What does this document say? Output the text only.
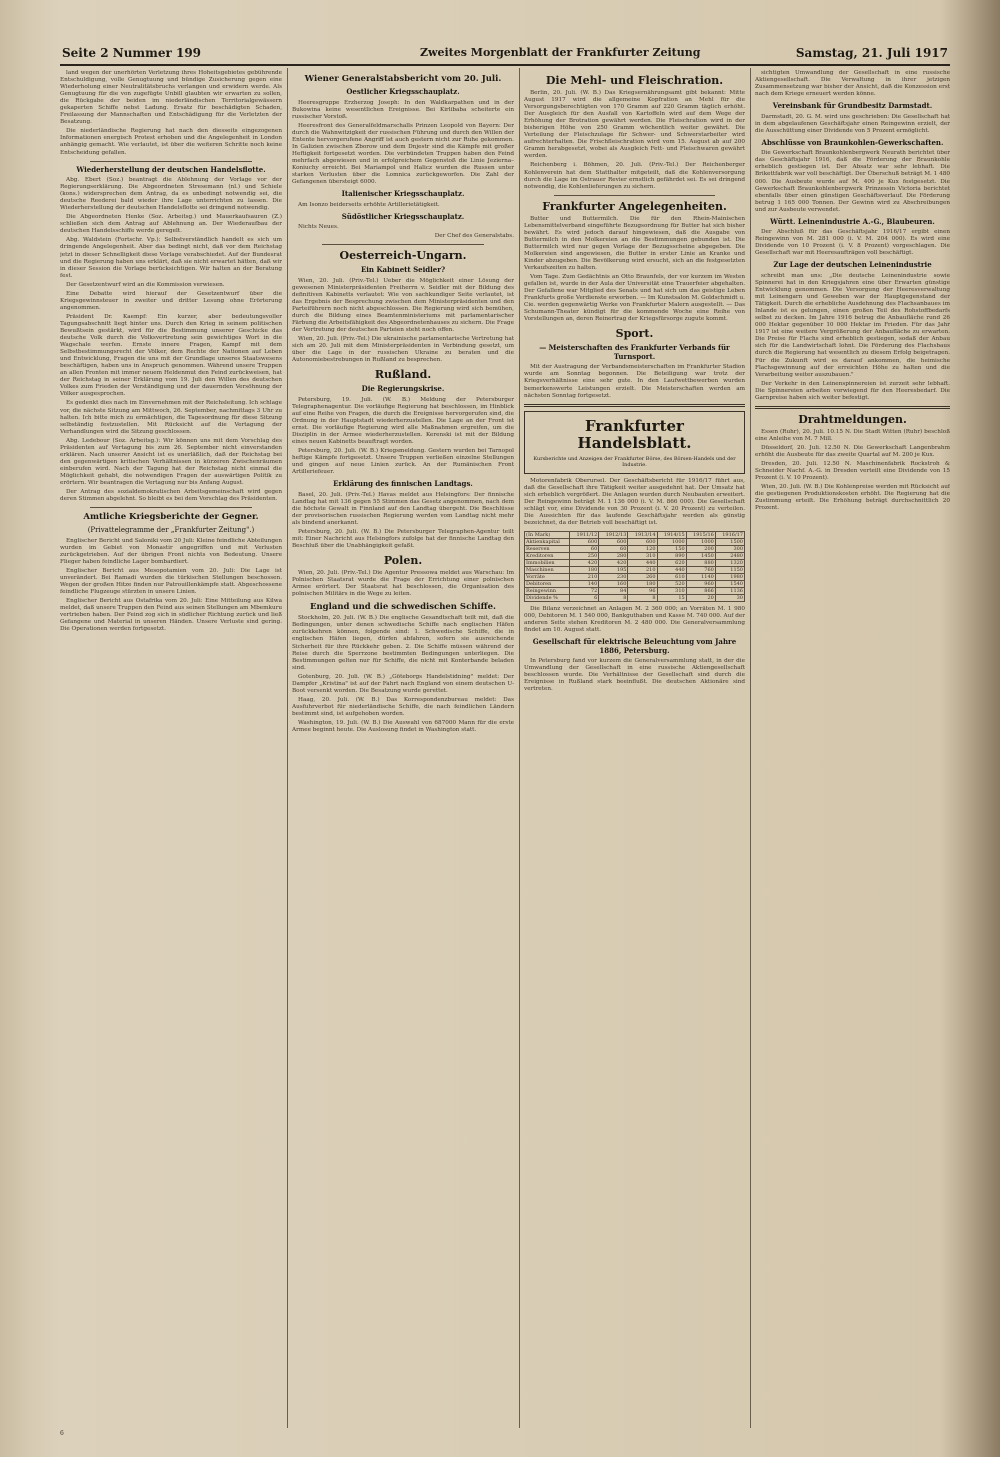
Seite 2 Nummer 199	Zweites Morgenblatt der Frankfurter Zeitung	Samstag, 21. Juli 1917

land wegen der unerhörten Verletzung ihres Hoheitsgebietes gebührende Entschuldigung, volle Genugtuung und bündige Zusicherung gegen eine Wiederholung einer Neutralitätsbruchs verlangen und erwidern werde. Als Genugtuung für die von zugefügte Unbill glaubten wir erwarten zu sollen, die Rückgabe der beiden im niederländischen Territorialgewässern gekaperten Schiffe nebst Ladung. Ersatz für beschädigten Schaden, Freilassung der Mannschaften und Entschädigung für die Verletzten der Besatzung.

Die niederländische Regierung hat nach den diesseits eingezogenen Informationen energisch Protest erhoben und die Angelegenheit in London anhängig gemacht. Wie verlautet, ist über die weiteren Schritte noch keine Entscheidung gefallen.

Wiederherstellung der deutschen Handelsflotte.

Abg. Ebert (Soz.) beantragt die Ablehnung der Vorlage vor der Regierungserklärung. Die Abgeordneten Stresemann (nl.) und Schiele (kons.) widersprechen dem Antrag, da es unbedingt notwendig sei, die deutsche Reederei bald wieder ihre Lage unterrichten zu lassen. Die Wiederherstellung der deutschen Handelsflotte sei dringend notwendig.

Die Abgeordneten Henke (Soz. Arbeitsg.) und Mauerkaufsauren (Z.) schließen sich dem Antrag auf Ablehnung an. Der Wiederaufbau der deutschen Handelsschiffe werde geregelt.

Abg. Waldstein (Fortschr. Vp.): Selbstverständlich handelt es sich um dringende Angelegenheit. Aber das bedingt nicht, daß vor dem Reichstag jetzt in dieser Schnelligkeit diese Vorlage verabschiedet. Auf der Bundesrat und die Regierung haben uns erklärt, daß sie nicht erwartet hätten, daß wir in dieser Session die Vorlage berücksichtigen. Wir halten an der Beratung fest.

Der Gesetzentwurf wird an die Kommission verwiesen.

Eine Debatte wird hierauf der Gesetzentwurf über die Kriegsgewinnsteuer in zweiter und dritter Lesung ohne Erörterung angenommen.

Präsident Dr. Kaempf: Ein kurzer, aber bedeutungsvoller Tagungsabschnitt liegt hinter uns. Durch den Krieg in seinem politischen Bewußtsein gestärkt, wird für die Bestimmung unserer Geschicke das deutsche Volk durch die Volksvertretung sein gewichtiges Wort in die Wagschale werfen. Ernste innere Fragen, Kampf mit dem Selbstbestimmungsrecht der Völker, dem Rechte der Nationen auf Leben und Entwicklung, Fragen die uns mit der Grundlage unseres Staatswesens beschäftigen, haben uns in Anspruch genommen. Während unsere Truppen an allen Fronten mit immer neuem Heldenmut den Feind zurückweisen, hat der Reichstag in seiner Erklärung vom 19. Juli den Willen des deutschen Volkes zum Frieden der Verständigung und der dauernden Versöhnung der Völker ausgesprochen.

Es gedenkt dies nach im Einvernehmen mit der Reichsleitung. Ich schlage vor, die nächste Sitzung am Mittwoch, 26. September, nachmittags 3 Uhr zu halten. Ich bitte mich zu ermächtigen, die Tagesordnung für diese Sitzung selbständig festzustellen. Mit Rücksicht auf die Vertagung der Verhandlungen wird die Sitzung geschlossen.

Abg. Ledebour (Soz. Arbeitsg.): Wir können uns mit dem Vorschlag des Präsidenten auf Vertagung bis zum 26. September nicht einverstanden erklären. Nach unserer Ansicht ist es unerläßlich, daß der Reichstag bei den gegenwärtigen kritischen Verhältnissen in kürzeren Zwischenräumen einberufen wird. Nach der Tagung hat der Reichstag nicht einmal die Möglichkeit gehabt, die notwendigen Fragen der auswärtigen Politik zu erörtern. Wir beantragen die Vertagung nur bis Anfang August.

Der Antrag des sozialdemokratischen Arbeitsgemeinschaft wird gegen deren Stimmen abgelehnt. So bleibt es bei dem Vorschlag des Präsidenten.

Amtliche Kriegsberichte der Gegner.
(Privattelegramme der „Frankfurter Zeitung".)

Englischer Bericht und Saloniki vom 20 Juli: Kleine feindliche Abteilungen wurden im Gebiet von Monastir angegriffen und mit Verlusten zurückgetrieben. Auf der übrigen Front nichts von Bedeutung. Unsere Flieger haben feindliche Lager bombardiert.

Englischer Bericht aus Mesopotamien vom 20. Juli: Die Lage ist unverändert. Bei Ramadi wurden die türkischen Stellungen beschossen. Wegen der großen Hitze finden nur Patrouillenkämpfe statt. Abgeschossene feindliche Flugzeuge stürzten in unsere Linien.

Englischer Bericht aus Ostafrika vom 20. Juli: Eine Mitteilung aus Kilwa meldet, daß unsere Truppen den Feind aus seinen Stellungen am Mbemkuru vertrieben haben. Der Feind zog sich in südlicher Richtung zurück und ließ Gefangene und Material in unseren Händen. Unsere Verluste sind gering. Die Operationen werden fortgesetzt.

Wiener Generalstabsbericht vom 20. Juli.
Oestlicher Kriegsschauplatz.

Heeresgruppe Erzherzog Joseph: In den Waldkarpathen und in der Bukowina keine wesentlichen Ereignisse. Bei Kirlibaba scheiterte ein russischer Vorstoß.

Heeresfront des Generalfeldmarschalls Prinzen Leopold von Bayern: Der durch die Wahnwitzigkeit der russischen Führung und durch den Willen der Entente hervorgerufene Angriff ist auch gestern nicht zur Ruhe gekommen. In Galizien zwischen Zborow und dem Dnjestr sind die Kämpfe mit großer Heftigkeit fortgesetzt worden. Die verbündeten Truppen haben den Feind mehrfach abgewiesen und in erfolgreichem Gegenstoß die Linie Jezierna–Koniuchy erreicht. Bei Mariampol und Halicz wurden die Russen unter starken Verlusten über die Lomnica zurückgeworfen. Die Zahl der Gefangenen übersteigt 6000.

Italienischer Kriegsschauplatz.

Am Isonzo beiderseits erhöhte Artillerietätigkeit.

Südöstlicher Kriegsschauplatz.

Nichts Neues.

Der Chef des Generalstabs.

Oesterreich-Ungarn.
Ein Kabinett Seidler?

Wien, 20. Juli. (Priv.-Tel.) Ueber die Möglichkeit einer Lösung der gewesenen Ministerpräsidenten Freiherrn v. Seidler mit der Bildung des definitiven Kabinetts verlautet: Wie von sachkundiger Seite verlautet, ist das Ergebnis der Besprechung zwischen dem Ministerpräsidenten und den Parteiführern noch nicht abgeschlossen. Die Regierung wird sich bemühen, durch die Bildung eines Beamtenministeriums mit parlamentarischer Färbung die Arbeitsfähigkeit des Abgeordnetenhauses zu sichern. Die Frage der Vertretung der deutschen Parteien steht noch offen.

Wien, 20. Juli. (Priv.-Tel.) Die ukrainische parlamentarische Vertretung hat sich am 20. Juli mit dem Ministerpräsidenten in Verbindung gesetzt, um über die Lage in der russischen Ukraine zu beraten und die Autonomiebestrebungen in Rußland zu besprechen.

Rußland.
Die Regierungskrise.

Petersburg, 19. Juli. (W. B.) Meldung der Petersburger Telegraphenagentur. Die vorläufige Regierung hat beschlossen, im Hinblick auf eine Reihe von Fragen, die durch die Ereignisse hervorgerufen sind, die Ordnung in der Hauptstadt wiederherzustellen. Die Lage an der Front ist ernst. Die vorläufige Regierung wird alle Maßnahmen ergreifen, um die Disziplin in der Armee wiederherzustellen. Kerenski ist mit der Bildung eines neuen Kabinetts beauftragt worden.

Petersburg, 20. Juli. (W. B.) Kriegsmeldung. Gestern wurden bei Tarnopol heftige Kämpfe fortgesetzt. Unsere Truppen verließen einzelne Stellungen und gingen auf neue Linien zurück. An der Rumänischen Front Artilleriefeuer.

Erklärung des finnischen Landtags.

Basel, 20. Juli. (Priv.-Tel.) Havas meldet aus Helsingfors: Der finnische Landtag hat mit 136 gegen 55 Stimmen das Gesetz angenommen, nach dem die höchste Gewalt in Finnland auf den Landtag übergeht. Die Beschlüsse der provisorischen russischen Regierung werden vom Landtag nicht mehr als bindend anerkannt.

Petersburg, 20. Juli. (W. B.) Die Petersburger Telegraphen-Agentur teilt mit: Einer Nachricht aus Helsingfors zufolge hat der finnische Landtag den Beschluß über die Unabhängigkeit gefaßt.

Polen.

Wien, 20. Juli. (Priv.-Tel.) Die Agentur Pressowa meldet aus Warschau: Im Polnischen Staatsrat wurde die Frage der Errichtung einer polnischen Armee erörtert. Der Staatsrat hat beschlossen, die Organisation des polnischen Militärs in die Wege zu leiten.

England und die schwedischen Schiffe.

Stockholm, 20. Juli. (W. B.) Die englische Gesandtschaft teilt mit, daß die Bedingungen, unter denen schwedische Schiffe nach englischen Häfen zurückkehren können, folgende sind: 1. Schwedische Schiffe, die in englischen Häfen liegen, dürfen abfahren, sofern sie ausreichende Sicherheit für ihre Rückkehr geben. 2. Die Schiffe müssen während der Reise durch die Sperrzone bestimmten Bedingungen unterliegen. Die Bestimmungen gelten nur für Schiffe, die nicht mit Konterbande beladen sind.

Gotenburg, 20. Juli. (W. B.) „Göteborgs Handelstidning" meldet: Der Dampfer „Kristina" ist auf der Fahrt nach England von einem deutschen U-Boot versenkt worden. Die Besatzung wurde gerettet.

Haag, 20. Juli. (W. B.) Das Korrespondenzbureau meldet: Das Ausfuhrverbot für niederländische Schiffe, die nach feindlichen Ländern bestimmt sind, ist aufgehoben worden.

Washington, 19. Juli. (W. B.) Die Auswahl von 687000 Mann für die erste Armee beginnt heute. Die Auslosung findet in Washington statt.

Die Mehl- und Fleischration.

Berlin, 20. Juli. (W. B.) Das Kriegsernährungsamt gibt bekannt: Mitte August 1917 wird die allgemeine Kopfration an Mehl für die Versorgungsberechtigten von 170 Gramm auf 220 Gramm täglich erhöht. Der Ausgleich für den Ausfall von Kartoffeln wird auf dem Wege der Erhöhung der Brotration gewährt werden. Die Fleischration wird in der bisherigen Höhe von 250 Gramm wöchentlich weiter gewährt. Die Verteilung der Fleischzulage für Schwer- und Schwerstarbeiter wird aufrechterhalten. Die Frischfleischration wird vom 15. August ab auf 200 Gramm herabgesetzt, wobei als Ausgleich Fett- und Fleischwaren gewährt werden.

Reichenberg i. Böhmen, 20. Juli. (Priv.-Tel.) Der Reichenberger Kohlenverein hat dem Statthalter mitgeteilt, daß die Kohlenversorgung durch die Lage im Ostrauer Revier ernstlich gefährdet sei. Es sei dringend notwendig, die Kohlenlieferungen zu sichern.

Frankfurter Angelegenheiten.

Butter und Buttermilch. Die für den Rhein-Mainischen Lebensmittelverband eingeführte Bezugsordnung für Butter hat sich bisher bewährt. Es wird jedoch darauf hingewiesen, daß die Ausgabe von Buttermilch in den Molkereien an die Bestimmungen gebunden ist. Die Buttermilch wird nur gegen Vorlage der Bezugsscheine abgegeben. Die Molkereien sind angewiesen, die Butter in erster Linie an Kranke und Kinder abzugeben. Die Bevölkerung wird ersucht, sich an die festgesetzten Verkaufszeiten zu halten.

Vom Tage. Zum Gedächtnis an Otto Braunfels, der vor kurzem im Westen gefallen ist, wurde in der Aula der Universität eine Trauerfeier abgehalten. Der Gefallene war Mitglied des Senats und hat sich um das geistige Leben Frankfurts große Verdienste erworben. — Im Kunstsalon M. Goldschmidt u. Cie. werden gegenwärtig Werke von Frankfurter Malern ausgestellt. — Das Schumann-Theater kündigt für die kommende Woche eine Reihe von Vorstellungen an, deren Reinertrag der Kriegsfürsorge zugute kommt.

Sport.
— Meisterschaften des Frankfurter Verbands für Turnsport.

Mit der Austragung der Verbandsmeisterschaften im Frankfurter Stadion wurde am Sonntag begonnen. Die Beteiligung war trotz der Kriegsverhältnisse eine sehr gute. In den Laufwettbewerben wurden bemerkenswerte Leistungen erzielt. Die Meisterschaften werden am nächsten Sonntag fortgesetzt.

Frankfurter Handelsblatt.
Kursberichte und Anzeigen der Frankfurter Börse, des Börsen-Handels und der Industrie.

Motorenfabrik Oberursel. Der Geschäftsbericht für 1916/17 führt aus, daß die Gesellschaft ihre Tätigkeit weiter ausgedehnt hat. Der Umsatz hat sich erheblich vergrößert. Die Anlagen wurden durch Neubauten erweitert. Der Reingewinn beträgt M. 1 136 000 (i. V. M. 866 000). Die Gesellschaft schlägt vor, eine Dividende von 30 Prozent (i. V. 20 Prozent) zu verteilen. Die Aussichten für das laufende Geschäftsjahr werden als günstig bezeichnet, da der Betrieb voll beschäftigt ist.

(In Mark)	1911/12	1912/13	1913/14	1914/15	1915/16	1916/17
Aktienkapital	600	600	600	1000	1000	1500
Reserven	60	60	120	150	200	300
Kreditoren	250	280	310	890	1450	2480
Immobilien	420	420	440	620	880	1320
Maschinen	180	195	210	440	760	1150
Vorräte	210	230	260	610	1140	1980
Debitoren	140	160	180	520	960	1540
Reingewinn	72	84	96	310	866	1136
Dividende %	6	8	8	15	20	30

Die Bilanz verzeichnet an Anlagen M. 2 360 000; an Vorräten M. 1 980 000, Debitoren M. 1 540 000, Bankguthaben und Kasse M. 740 000. Auf der anderen Seite stehen Kreditoren M. 2 480 000. Die Generalversammlung findet am 10. August statt.

Gesellschaft für elektrische Beleuchtung vom Jahre 1886, Petersburg.

In Petersburg fand vor kurzem die Generalversammlung statt, in der die Umwandlung der Gesellschaft in eine russische Aktiengesellschaft beschlossen wurde. Die Verhältnisse der Gesellschaft sind durch die Ereignisse in Rußland stark beeinflußt. Die deutschen Aktionäre sind vertreten.

sichtigten Umwandlung der Gesellschaft in eine russische Aktiengesellschaft. Die Verwaltung in ihrer jetzigen Zusammensetzung war bisher der Ansicht, daß die Konzession erst nach dem Kriege erneuert werden könne.

Vereinsbank für Grundbesitz Darmstadt.

Darmstadt, 20. G. M. wird uns geschrieben: Die Gesellschaft hat in dem abgelaufenen Geschäftsjahr einen Reingewinn erzielt, der die Ausschüttung einer Dividende von 5 Prozent ermöglicht.

Abschlüsse von Braunkohlen-Gewerkschaften.

Die Gewerkschaft Braunkohlenbergwerk Neurath berichtet über das Geschäftsjahr 1916, daß die Förderung der Braunkohle erheblich gestiegen ist. Der Absatz war sehr lebhaft. Die Brikettfabrik war voll beschäftigt. Der Überschuß beträgt M. 1 480 000. Die Ausbeute wurde auf M. 400 je Kux festgesetzt. Die Gewerkschaft Braunkohlenbergwerk Prinzessin Victoria berichtet ebenfalls über einen günstigen Geschäftsverlauf. Die Förderung betrug 1 165 000 Tonnen. Der Gewinn wird zu Abschreibungen und zur Ausbeute verwendet.

Württ. Leinenindustrie A.-G., Blaubeuren.

Der Abschluß für das Geschäftsjahr 1916/17 ergibt einen Reingewinn von M. 281 000 (i. V. M. 204 000). Es wird eine Dividende von 10 Prozent (i. V. 8 Prozent) vorgeschlagen. Die Gesellschaft war mit Heeresaufträgen voll beschäftigt.

Zur Lage der deutschen Leinenindustrie

schreibt man uns: „Die deutsche Leinenindustrie sowie Spinnerei hat in den Kriegsjahren eine über Erwarten günstige Entwicklung genommen. Die Versorgung der Heeresverwaltung mit Leinengarn und Geweben war der Hauptgegenstand der Tätigkeit. Durch die erhebliche Ausdehnung des Flachsanbaues im Inlande ist es gelungen, einen großen Teil des Rohstoffbedarfs selbst zu decken. Im Jahre 1916 betrug die Anbaufläche rund 26 000 Hektar gegenüber 10 000 Hektar im Frieden. Für das Jahr 1917 ist eine weitere Vergrößerung der Anbaufläche zu erwarten. Die Preise für Flachs sind erheblich gestiegen, sodaß der Anbau sich für die Landwirtschaft lohnt. Die Förderung des Flachsbaus durch die Regierung hat wesentlich zu diesem Erfolg beigetragen. Für die Zukunft wird es darauf ankommen, die heimische Flachsgewinnung auf der erreichten Höhe zu halten und die Verarbeitung weiter auszubauen."

Der Verkehr in den Leinenspinnereien ist zurzeit sehr lebhaft. Die Spinnereien arbeiten vorwiegend für den Heeresbedarf. Die Garnpreise haben sich weiter befestigt.

Drahtmeldungen.

Essen (Ruhr), 20. Juli. 10.15 N. Die Stadt Witten (Ruhr) beschloß eine Anleihe von M. 7 Mill.

Düsseldorf, 20. Juli. 12.50 N. Die Gewerkschaft Langenbrahm erhöht die Ausbeute für das zweite Quartal auf M. 200 je Kux.

Dresden, 20. Juli. 12.50 N. Maschinenfabrik Rockstroh & Schneider Nachf. A.-G. in Dresden verteilt eine Dividende von 15 Prozent (i. V. 10 Prozent).

Wien, 20. Juli. (W. B.) Die Kohlenpreise werden mit Rücksicht auf die gestiegenen Produktionskosten erhöht. Die Regierung hat die Zustimmung erteilt. Die Erhöhung beträgt durchschnittlich 20 Prozent.

6
